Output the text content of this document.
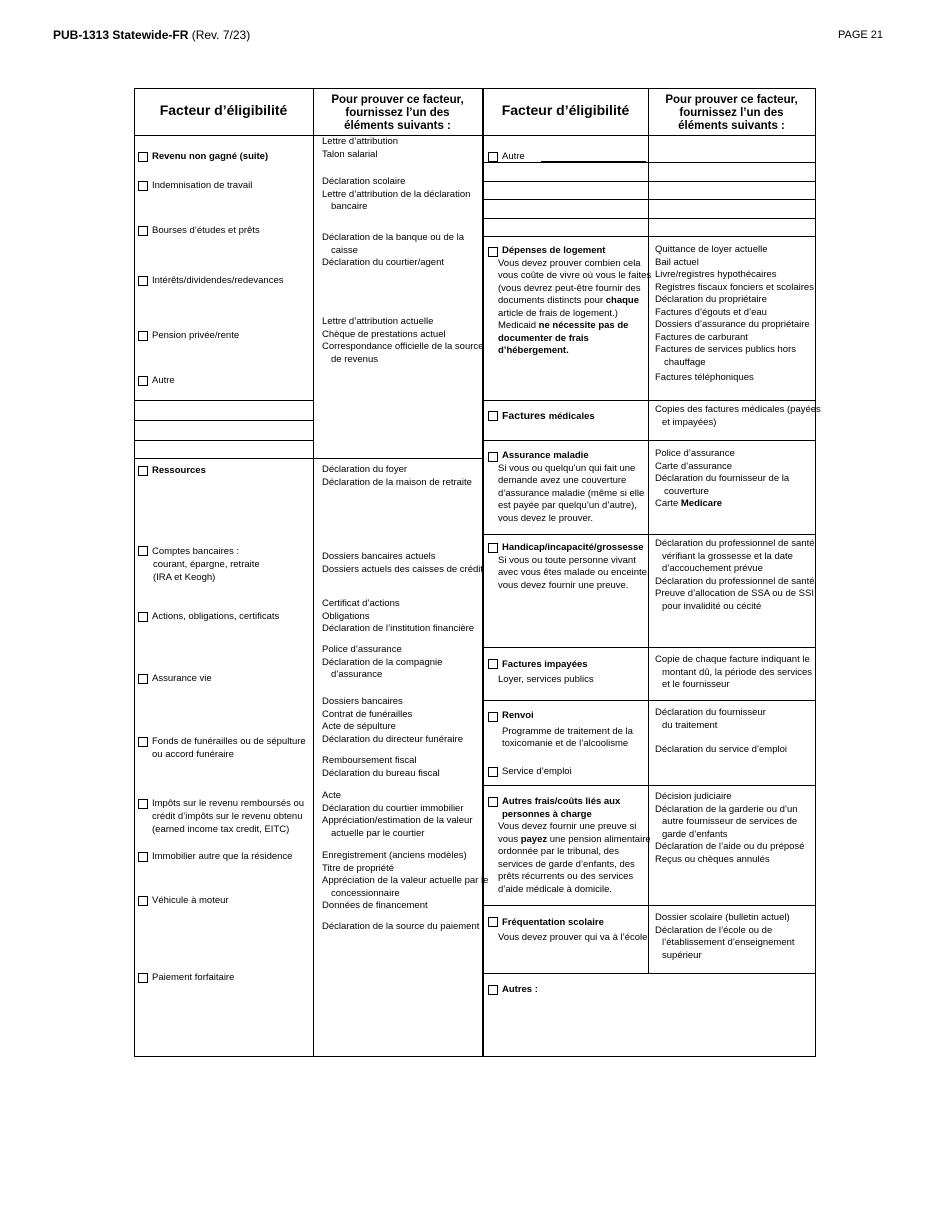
PUB-1313 Statewide-FR (Rev. 7/23)	PAGE 21
Facteur d’éligibilité
Pour prouver ce facteur,
fournissez l’un des
éléments suivants :
Facteur d’éligibilité
Pour prouver ce facteur,
fournissez l’un des
éléments suivants :
Revenu non gagné (suite)
Indemnisation de travail
Bourses d’études et prêts
Intérêts/dividendes/redevances
Pension privée/rente
Autre
Ressources
Comptes bancaires :
courant, épargne, retraite
(IRA et Keogh)
Actions, obligations, certificats
Assurance vie
Fonds de funérailles ou de sépulture
ou accord funéraire
Impôts sur le revenu remboursés ou
crédit d’impôts sur le revenu obtenu
(earned income tax credit, EITC)
Immobilier autre que la résidence
Véhicule à moteur
Paiement forfaitaire
Lettre d’attribution
Talon salarial
Déclaration scolaire
Lettre d’attribution de la déclaration
bancaire
Déclaration de la banque ou de la
caisse
Déclaration du courtier/agent
Lettre d’attribution actuelle
Chèque de prestations actuel
Correspondance officielle de la source
de revenus
Déclaration du foyer
Déclaration de la maison de retraite
Dossiers bancaires actuels
Dossiers actuels des caisses de crédit
Certificat d’actions
Obligations
Déclaration de l’institution financière
Police d’assurance
Déclaration de la compagnie
d’assurance
Dossiers bancaires
Contrat de funérailles
Acte de sépulture
Déclaration du directeur funéraire
Remboursement fiscal
Déclaration du bureau fiscal
Acte
Déclaration du courtier immobilier
Appréciation/estimation de la valeur
actuelle par le courtier
Enregistrement (anciens modèles)
Titre de propriété
Appréciation de la valeur actuelle par le
concessionnaire
Données de financement
Déclaration de la source du paiement
Autre
Dépenses de logement
Vous devez prouver combien cela
vous coûte de vivre où vous le faites
(vous devrez peut-être fournir des
documents distincts pour chaque
article de frais de logement.)
Medicaid ne nécessite pas de
documenter de frais
d’hébergement.
Factures médicales
Assurance maladie
Si vous ou quelqu’un qui fait une
demande avez une couverture
d’assurance maladie (même si elle
est payée par quelqu’un d’autre),
vous devez le prouver.
Handicap/incapacité/grossesse
Si vous ou toute personne vivant
avec vous êtes malade ou enceinte,
vous devez fournir une preuve.
Factures impayées
Loyer, services publics
Renvoi
Programme de traitement de la
toxicomanie et de l’alcoolisme
Service d’emploi
Autres frais/coûts liés aux
personnes à charge
Vous devez fournir une preuve si
vous payez une pension alimentaire
ordonnée par le tribunal, des
services de garde d’enfants, des
prêts récurrents ou des services
d’aide médicale à domicile.
Fréquentation scolaire
Vous devez prouver qui va à l’école
Autres :
Quittance de loyer actuelle
Bail actuel
Livre/registres hypothécaires
Registres fiscaux fonciers et scolaires
Déclaration du propriétaire
Factures d’égouts et d’eau
Dossiers d’assurance du propriétaire
Factures de carburant
Factures de services publics hors
chauffage
Factures téléphoniques
Copies des factures médicales (payées
et impayées)
Police d’assurance
Carte d’assurance
Déclaration du fournisseur de la
couverture
Carte Medicare
Déclaration du professionnel de santé
vérifiant la grossesse et la date
d’accouchement prévue
Déclaration du professionnel de santé
Preuve d’allocation de SSA ou de SSI
pour invalidité ou cécité
Copie de chaque facture indiquant le
montant dû, la période des services
et le fournisseur
Déclaration du fournisseur
du traitement
Déclaration du service d’emploi
Décision judiciaire
Déclaration de la garderie ou d’un
autre fournisseur de services de
garde d’enfants
Déclaration de l’aide ou du préposé
Reçus ou chèques annulés
Dossier scolaire (bulletin actuel)
Déclaration de l’école ou de
l’établissement d’enseignement
supérieur
